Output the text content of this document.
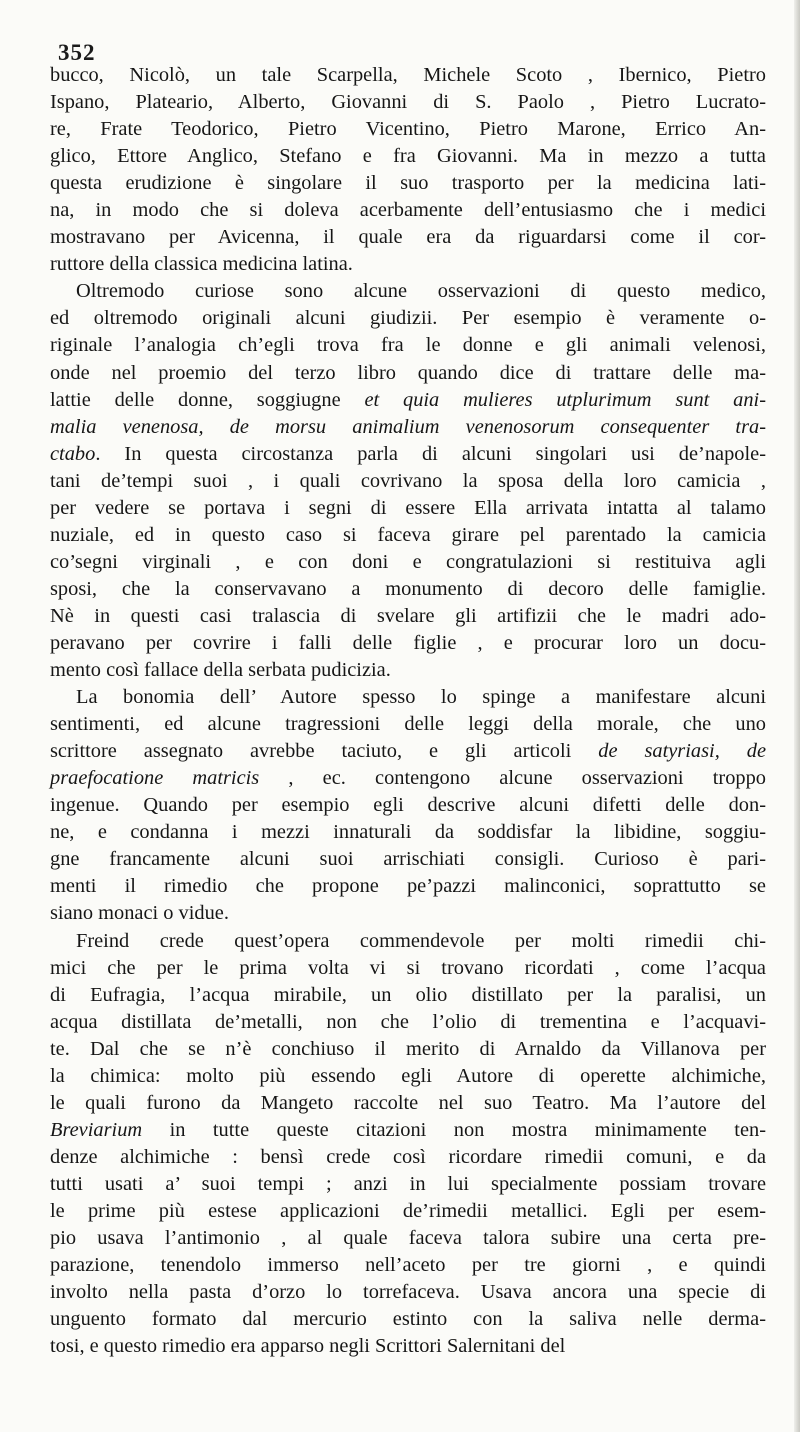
352
bucco, Nicolò, un tale Scarpella, Michele Scoto , Ibernico, Pietro
Ispano, Plateario, Alberto, Giovanni di S. Paolo , Pietro Lucrato-
re, Frate Teodorico, Pietro Vicentino, Pietro Marone, Errico An-
glico, Ettore Anglico, Stefano e fra Giovanni. Ma in mezzo a tutta
questa erudizione è singolare il suo trasporto per la medicina lati-
na, in modo che si doleva acerbamente dell’entusiasmo che i medici
mostravano per Avicenna, il quale era da riguardarsi come il cor-
ruttore della classica medicina latina.
Oltremodo curiose sono alcune osservazioni di questo medico,
ed oltremodo originali alcuni giudizii. Per esempio è veramente o-
riginale l’analogia ch’egli trova fra le donne e gli animali velenosi,
onde nel proemio del terzo libro quando dice di trattare delle ma-
lattie delle donne, soggiugne et quia mulieres utplurimum sunt ani-
malia venenosa, de morsu animalium venenosorum consequenter tra-
ctabo. In questa circostanza parla di alcuni singolari usi de’napole-
tani de’tempi suoi , i quali covrivano la sposa della loro camicia ,
per vedere se portava i segni di essere Ella arrivata intatta al talamo
nuziale, ed in questo caso si faceva girare pel parentado la camicia
co’segni virginali , e con doni e congratulazioni si restituiva agli
sposi, che la conservavano a monumento di decoro delle famiglie.
Nè in questi casi tralascia di svelare gli artifizii che le madri ado-
peravano per covrire i falli delle figlie , e procurar loro un docu-
mento così fallace della serbata pudicizia.
La bonomia dell’ Autore spesso lo spinge a manifestare alcuni
sentimenti, ed alcune tragressioni delle leggi della morale, che uno
scrittore assegnato avrebbe taciuto, e gli articoli de satyriasi, de
praefocatione matricis , ec. contengono alcune osservazioni troppo
ingenue. Quando per esempio egli descrive alcuni difetti delle don-
ne, e condanna i mezzi innaturali da soddisfar la libidine, soggiu-
gne francamente alcuni suoi arrischiati consigli. Curioso è pari-
menti il rimedio che propone pe’pazzi malinconici, soprattutto se
siano monaci o vidue.
Freind crede quest’opera commendevole per molti rimedii chi-
mici che per le prima volta vi si trovano ricordati , come l’acqua
di Eufragia, l’acqua mirabile, un olio distillato per la paralisi, un
acqua distillata de’metalli, non che l’olio di trementina e l’acquavi-
te. Dal che se n’è conchiuso il merito di Arnaldo da Villanova per
la chimica: molto più essendo egli Autore di operette alchimiche,
le quali furono da Mangeto raccolte nel suo Teatro. Ma l’autore del
Breviarium in tutte queste citazioni non mostra minimamente ten-
denze alchimiche : bensì crede così ricordare rimedii comuni, e da
tutti usati a’ suoi tempi ; anzi in lui specialmente possiam trovare
le prime più estese applicazioni de’rimedii metallici. Egli per esem-
pio usava l’antimonio , al quale faceva talora subire una certa pre-
parazione, tenendolo immerso nell’aceto per tre giorni , e quindi
involto nella pasta d’orzo lo torrefaceva. Usava ancora una specie di
unguento formato dal mercurio estinto con la saliva nelle derma-
tosi, e questo rimedio era apparso negli Scrittori Salernitani del
